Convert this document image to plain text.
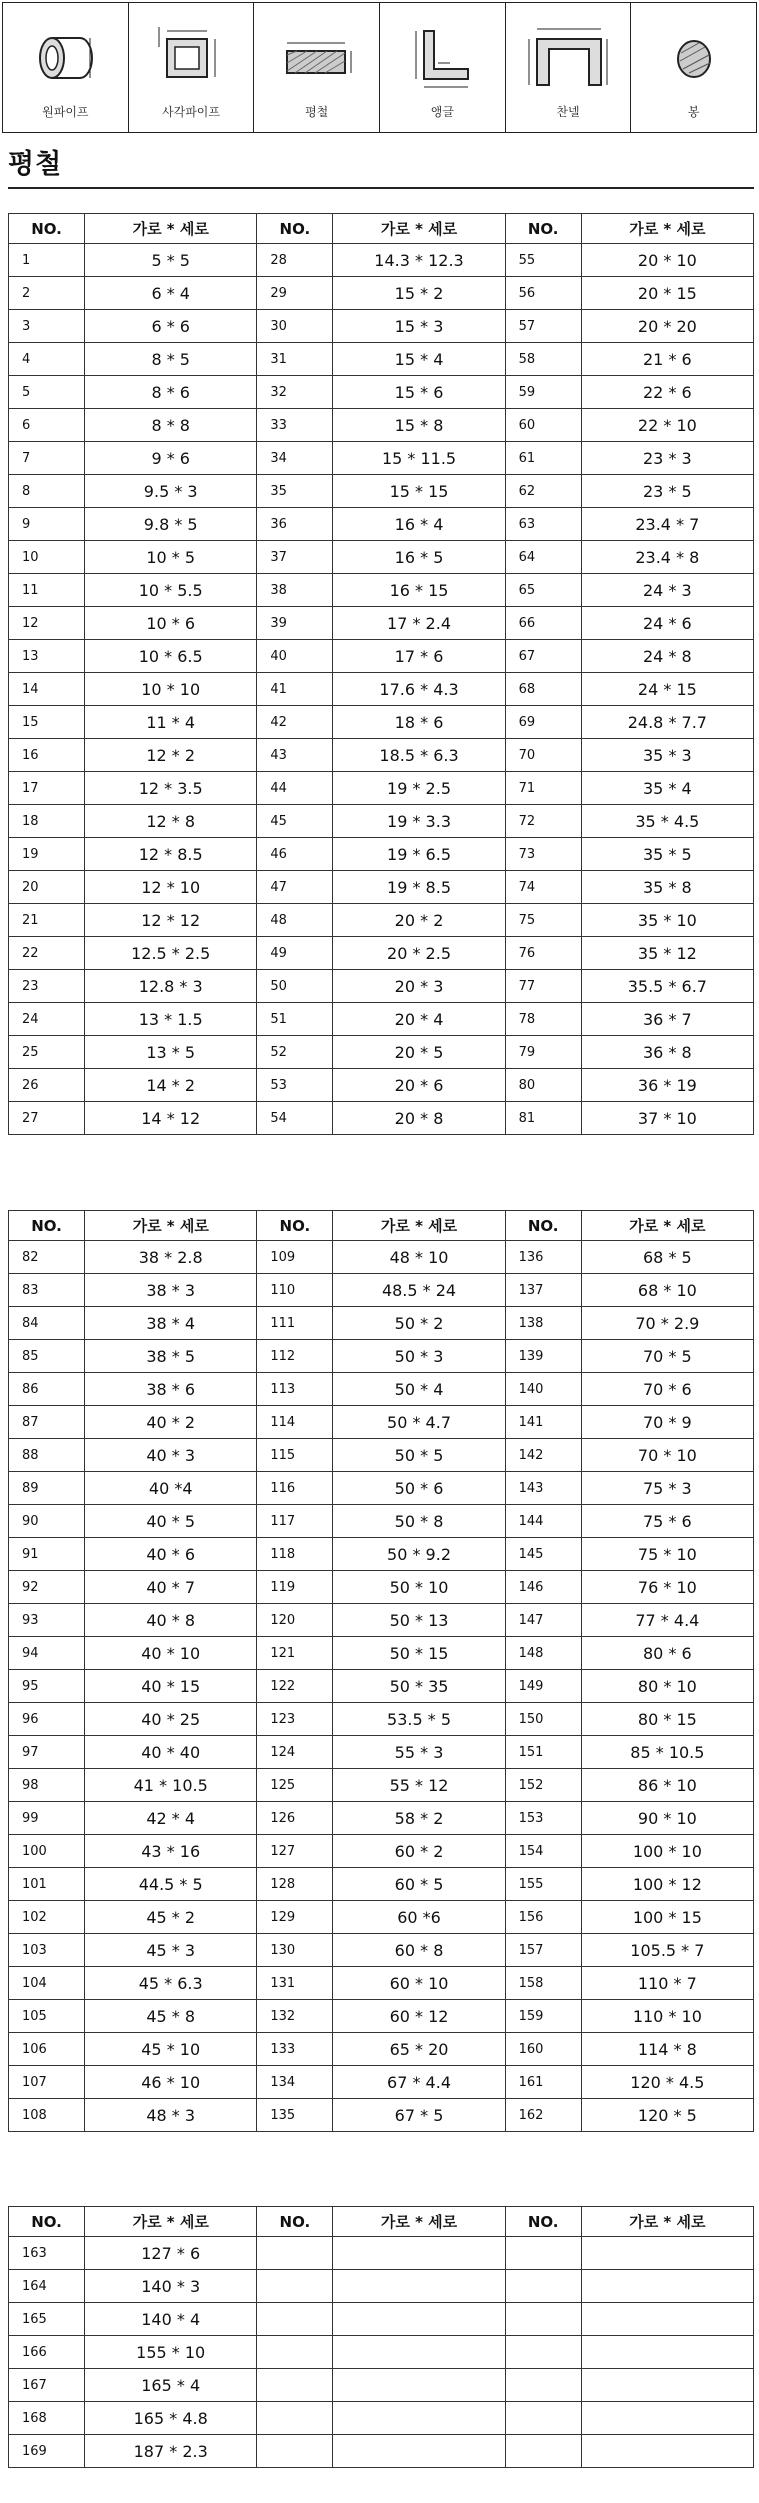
원파이프	사각파이프	평철	앵글	찬넬	봉
평철
NO.	가로 * 세로	NO.	가로 * 세로	NO.	가로 * 세로
1	5 * 5	28	14.3 * 12.3	55	20 * 10
2	6 * 4	29	15 * 2	56	20 * 15
3	6 * 6	30	15 * 3	57	20 * 20
4	8 * 5	31	15 * 4	58	21 * 6
5	8 * 6	32	15 * 6	59	22 * 6
6	8 * 8	33	15 * 8	60	22 * 10
7	9 * 6	34	15 * 11.5	61	23 * 3
8	9.5 * 3	35	15 * 15	62	23 * 5
9	9.8 * 5	36	16 * 4	63	23.4 * 7
10	10 * 5	37	16 * 5	64	23.4 * 8
11	10 * 5.5	38	16 * 15	65	24 * 3
12	10 * 6	39	17 * 2.4	66	24 * 6
13	10 * 6.5	40	17 * 6	67	24 * 8
14	10 * 10	41	17.6 * 4.3	68	24 * 15
15	11 * 4	42	18 * 6	69	24.8 * 7.7
16	12 * 2	43	18.5 * 6.3	70	35 * 3
17	12 * 3.5	44	19 * 2.5	71	35 * 4
18	12 * 8	45	19 * 3.3	72	35 * 4.5
19	12 * 8.5	46	19 * 6.5	73	35 * 5
20	12 * 10	47	19 * 8.5	74	35 * 8
21	12 * 12	48	20 * 2	75	35 * 10
22	12.5 * 2.5	49	20 * 2.5	76	35 * 12
23	12.8 * 3	50	20 * 3	77	35.5 * 6.7
24	13 * 1.5	51	20 * 4	78	36 * 7
25	13 * 5	52	20 * 5	79	36 * 8
26	14 * 2	53	20 * 6	80	36 * 19
27	14 * 12	54	20 * 8	81	37 * 10
NO.	가로 * 세로	NO.	가로 * 세로	NO.	가로 * 세로
82	38 * 2.8	109	48 * 10	136	68 * 5
83	38 * 3	110	48.5 * 24	137	68 * 10
84	38 * 4	111	50 * 2	138	70 * 2.9
85	38 * 5	112	50 * 3	139	70 * 5
86	38 * 6	113	50 * 4	140	70 * 6
87	40 * 2	114	50 * 4.7	141	70 * 9
88	40 * 3	115	50 * 5	142	70 * 10
89	40 *4	116	50 * 6	143	75 * 3
90	40 * 5	117	50 * 8	144	75 * 6
91	40 * 6	118	50 * 9.2	145	75 * 10
92	40 * 7	119	50 * 10	146	76 * 10
93	40 * 8	120	50 * 13	147	77 * 4.4
94	40 * 10	121	50 * 15	148	80 * 6
95	40 * 15	122	50 * 35	149	80 * 10
96	40 * 25	123	53.5 * 5	150	80 * 15
97	40 * 40	124	55 * 3	151	85 * 10.5
98	41 * 10.5	125	55 * 12	152	86 * 10
99	42 * 4	126	58 * 2	153	90 * 10
100	43 * 16	127	60 * 2	154	100 * 10
101	44.5 * 5	128	60 * 5	155	100 * 12
102	45 * 2	129	60 *6	156	100 * 15
103	45 * 3	130	60 * 8	157	105.5 * 7
104	45 * 6.3	131	60 * 10	158	110 * 7
105	45 * 8	132	60 * 12	159	110 * 10
106	45 * 10	133	65 * 20	160	114 * 8
107	46 * 10	134	67 * 4.4	161	120 * 4.5
108	48 * 3	135	67 * 5	162	120 * 5
NO.	가로 * 세로	NO.	가로 * 세로	NO.	가로 * 세로
163	127 * 6				
164	140 * 3				
165	140 * 4				
166	155 * 10				
167	165 * 4				
168	165 * 4.8				
169	187 * 2.3				
